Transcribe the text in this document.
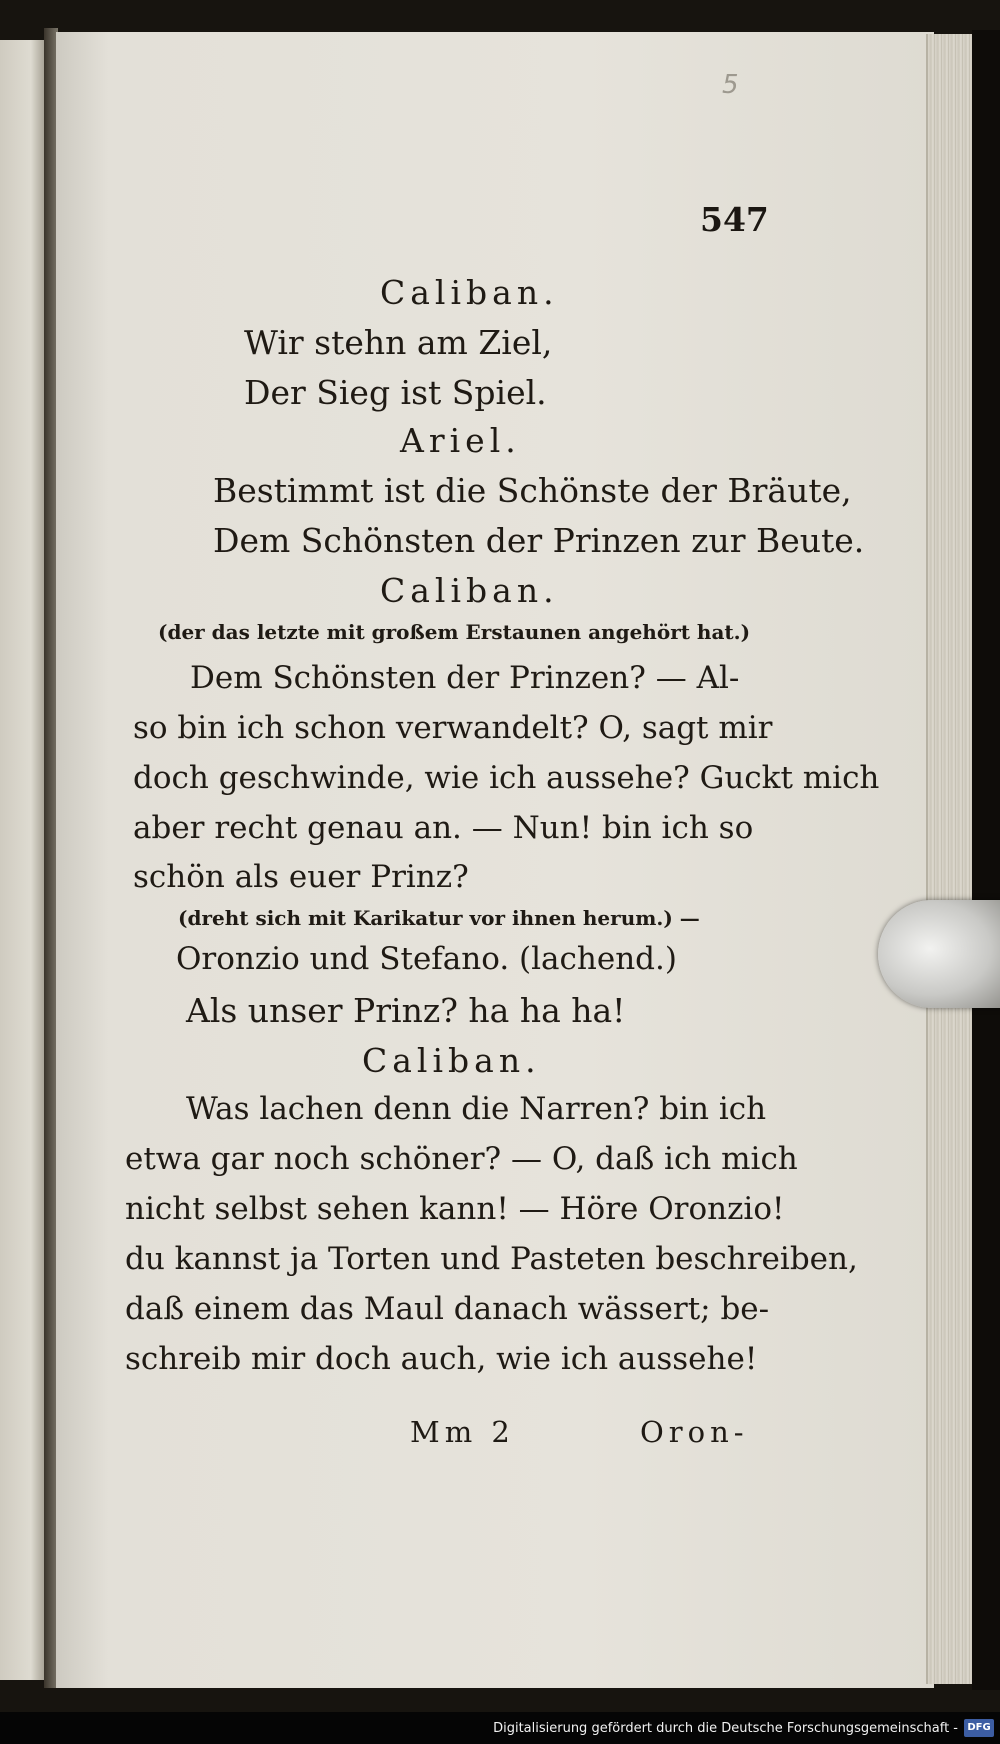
5
547
Caliban.
Wir stehn am Ziel,
Der Sieg ist Spiel.
Ariel.
Bestimmt ist die Schönste der Bräute,
Dem Schönsten der Prinzen zur Beute.
Caliban.
(der das letzte mit großem Erstaunen angehört hat.)
Dem Schönsten der Prinzen? — Al-
so bin ich schon verwandelt? O, sagt mir
doch geschwinde, wie ich aussehe? Guckt mich
aber recht genau an. — Nun! bin ich so
schön als euer Prinz?
(dreht sich mit Karikatur vor ihnen herum.) —
Oronzio und Stefano. (lachend.)
Als unser Prinz? ha ha ha!
Caliban.
Was lachen denn die Narren? bin ich
etwa gar noch schöner? — O, daß ich mich
nicht selbst sehen kann! — Höre Oronzio!
du kannst ja Torten und Pasteten beschreiben,
daß einem das Maul danach wässert; be-
schreib mir doch auch, wie ich aussehe!
Mm 2	Oron-
Digitalisierung gefördert durch die Deutsche Forschungsgemeinschaft - DFG
